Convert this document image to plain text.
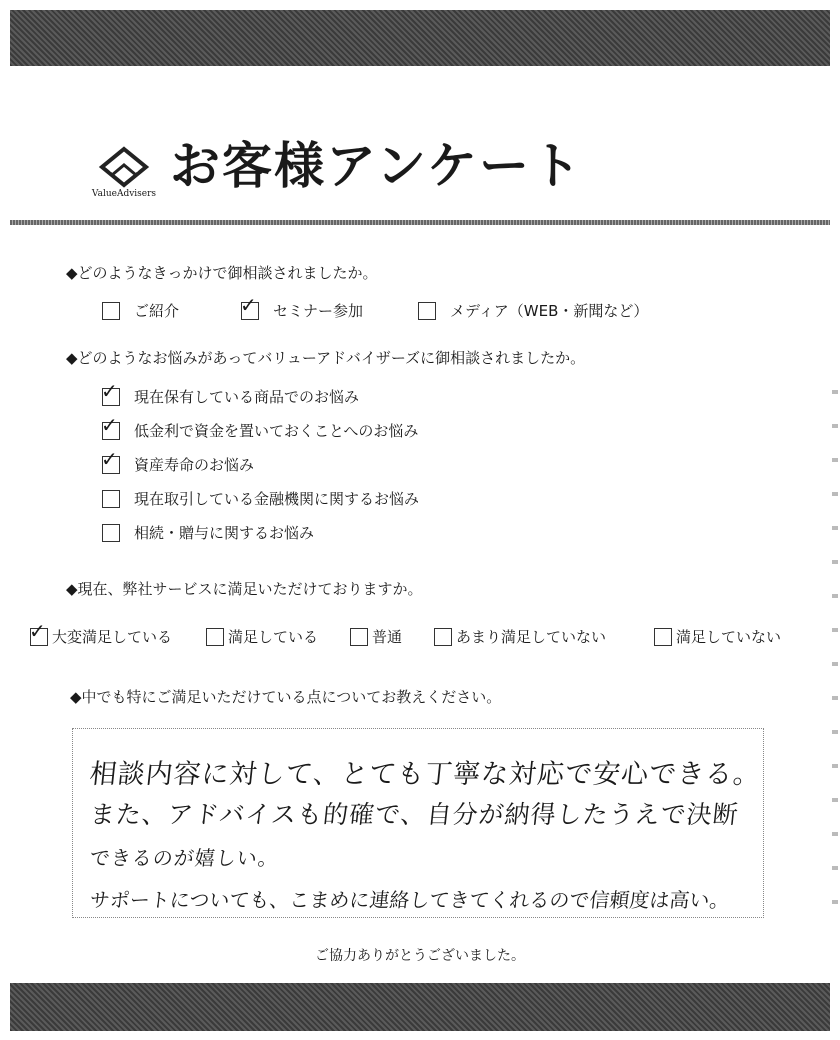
ValueAdvisers お客様アンケート
◆どのようなきっかけで御相談されましたか。
ご紹介	✓ セミナー参加	メディア（WEB・新聞など）
◆どのようなお悩みがあってバリューアドバイザーズに御相談されましたか。
✓ 現在保有している商品でのお悩み
✓ 低金利で資金を置いておくことへのお悩み
✓ 資産寿命のお悩み
現在取引している金融機関に関するお悩み
相続・贈与に関するお悩み
◆現在、弊社サービスに満足いただけておりますか。
✓ 大変満足している	満足している	普通	あまり満足していない	満足していない
◆中でも特にご満足いただけている点についてお教えください。
相談内容に対して、とても丁寧な対応で安心できる。
また、アドバイスも的確で、自分が納得したうえで決断
できるのが嬉しい。
サポートについても、こまめに連絡してきてくれるので信頼度は高い。
ご協力ありがとうございました。
